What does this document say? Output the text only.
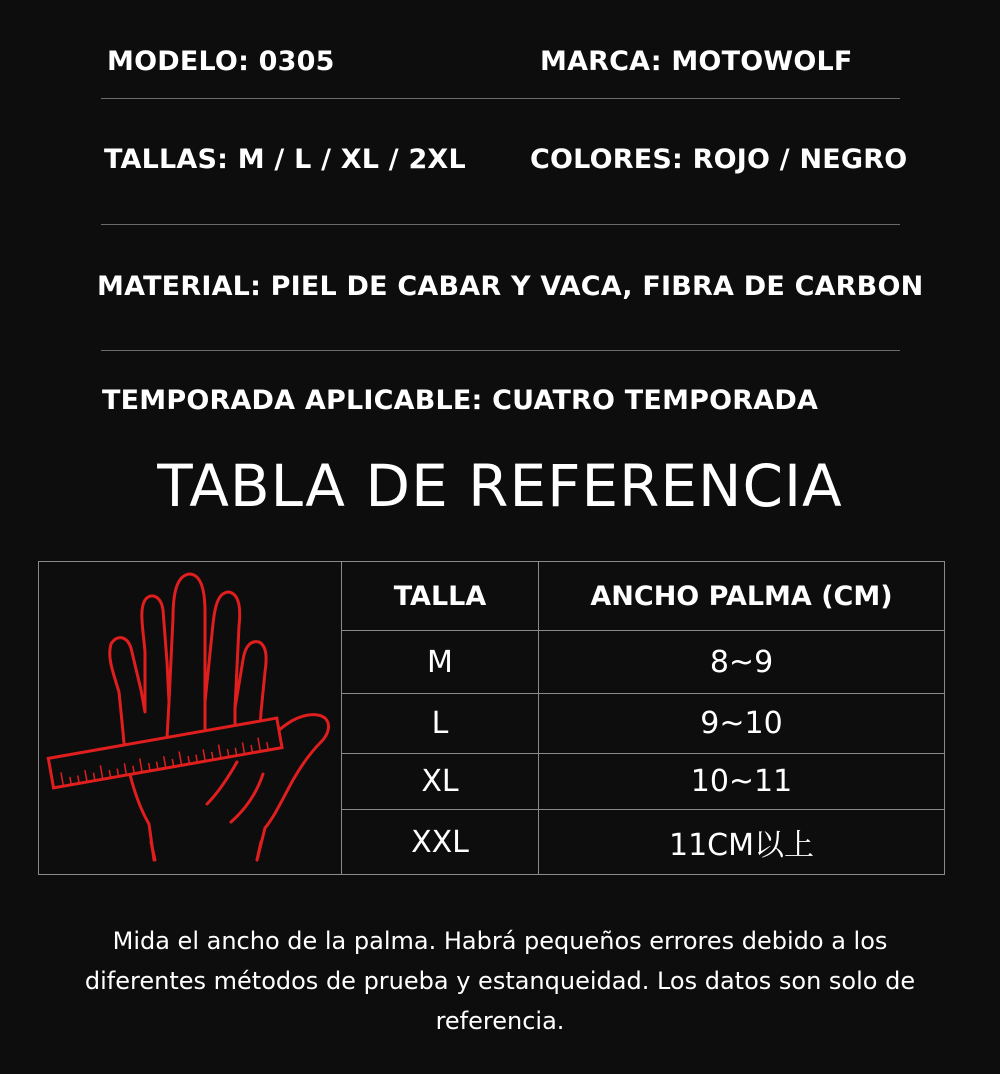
MODELO: 0305	MARCA: MOTOWOLF
TALLAS: M / L / XL / 2XL COLORES: ROJO / NEGRO
MATERIAL: PIEL DE CABAR Y VACA, FIBRA DE CARBON
TEMPORADA APLICABLE: CUATRO TEMPORADA
TABLA DE REFERENCIA
TALLA	ANCHO PALMA (CM)
M	8~9
L	9~10
XL	10~11
XXL	11CM以上
Mida el ancho de la palma. Habrá pequeños errores debido a los diferentes métodos de prueba y estanqueidad. Los datos son solo de referencia.
